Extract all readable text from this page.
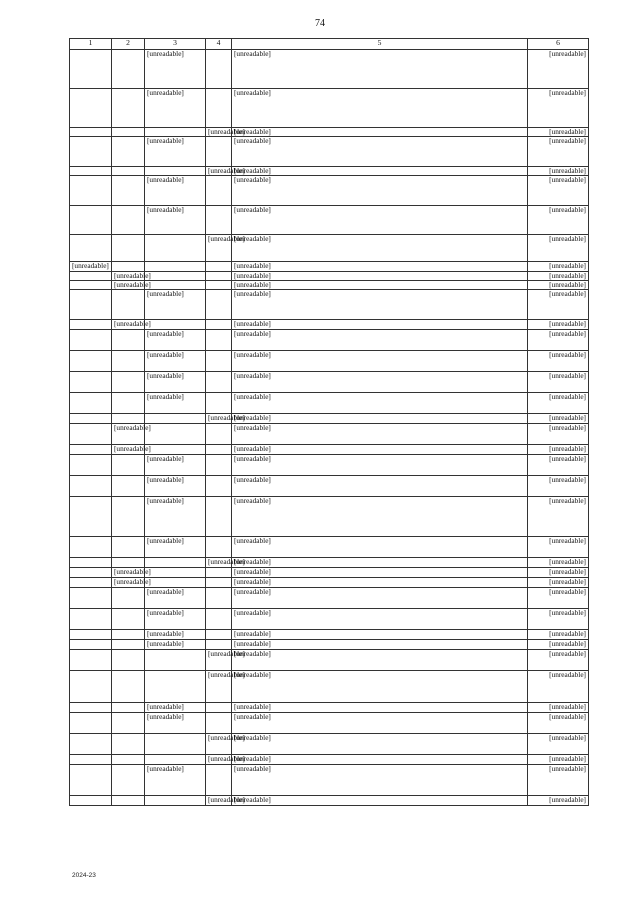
74
1	2	3	4	5	6
		[unreadable]		[unreadable]	[unreadable]
		[unreadable]		[unreadable]	[unreadable]
			[unreadable]	[unreadable]	[unreadable]
		[unreadable]		[unreadable]	[unreadable]
			[unreadable]	[unreadable]	[unreadable]
		[unreadable]		[unreadable]	[unreadable]
		[unreadable]		[unreadable]	[unreadable]
			[unreadable]	[unreadable]	[unreadable]
[unreadable]				[unreadable]	[unreadable]
	[unreadable]			[unreadable]	[unreadable]
	[unreadable]			[unreadable]	[unreadable]
		[unreadable]		[unreadable]	[unreadable]
	[unreadable]			[unreadable]	[unreadable]
		[unreadable]		[unreadable]	[unreadable]
		[unreadable]		[unreadable]	[unreadable]
		[unreadable]		[unreadable]	[unreadable]
		[unreadable]		[unreadable]	[unreadable]
			[unreadable]	[unreadable]	[unreadable]
	[unreadable]			[unreadable]	[unreadable]
	[unreadable]			[unreadable]	[unreadable]
		[unreadable]		[unreadable]	[unreadable]
		[unreadable]		[unreadable]	[unreadable]
		[unreadable]		[unreadable]	[unreadable]
		[unreadable]		[unreadable]	[unreadable]
			[unreadable]	[unreadable]	[unreadable]
	[unreadable]			[unreadable]	[unreadable]
	[unreadable]			[unreadable]	[unreadable]
		[unreadable]		[unreadable]	[unreadable]
		[unreadable]		[unreadable]	[unreadable]
		[unreadable]		[unreadable]	[unreadable]
		[unreadable]		[unreadable]	[unreadable]
			[unreadable]	[unreadable]	[unreadable]
			[unreadable]	[unreadable]	[unreadable]
		[unreadable]		[unreadable]	[unreadable]
		[unreadable]		[unreadable]	[unreadable]
			[unreadable]	[unreadable]	[unreadable]
			[unreadable]	[unreadable]	[unreadable]
		[unreadable]		[unreadable]	[unreadable]
			[unreadable]	[unreadable]	[unreadable]
2024-23
